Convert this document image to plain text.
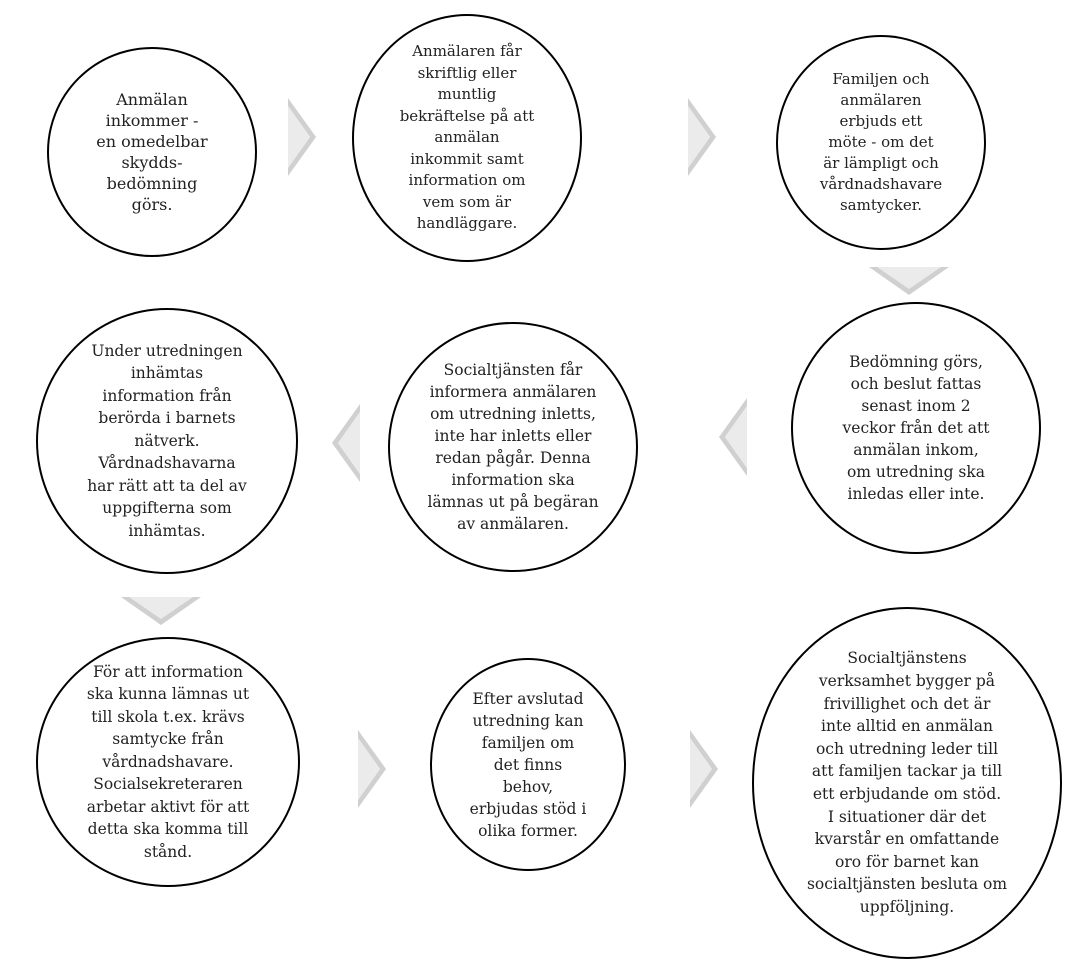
Anmälan
inkommer -
en omedelbar
skydds-
bedömning
görs.
Anmälaren får
skriftlig eller
muntlig
bekräftelse på att
anmälan
inkommit samt
information om
vem som är
handläggare.
Familjen och
anmälaren
erbjuds ett
möte - om det
är lämpligt och
vårdnadshavare
samtycker.
Bedömning görs,
och beslut fattas
senast inom 2
veckor från det att
anmälan inkom,
om utredning ska
inledas eller inte.
Socialtjänsten får
informera anmälaren
om utredning inletts,
inte har inletts eller
redan pågår. Denna
information ska
lämnas ut på begäran
av anmälaren.
Under utredningen
inhämtas
information från
berörda i barnets
nätverk.
Vårdnadshavarna
har rätt att ta del av
uppgifterna som
inhämtas.
För att information
ska kunna lämnas ut
till skola t.ex. krävs
samtycke från
vårdnadshavare.
Socialsekreteraren
arbetar aktivt för att
detta ska komma till
stånd.
Efter avslutad
utredning kan
familjen om
det finns
behov,
erbjudas stöd i
olika former.
Socialtjänstens
verksamhet bygger på
frivillighet och det är
inte alltid en anmälan
och utredning leder till
att familjen tackar ja till
ett erbjudande om stöd.
I situationer där det
kvarstår en omfattande
oro för barnet kan
socialtjänsten besluta om
uppföljning.
